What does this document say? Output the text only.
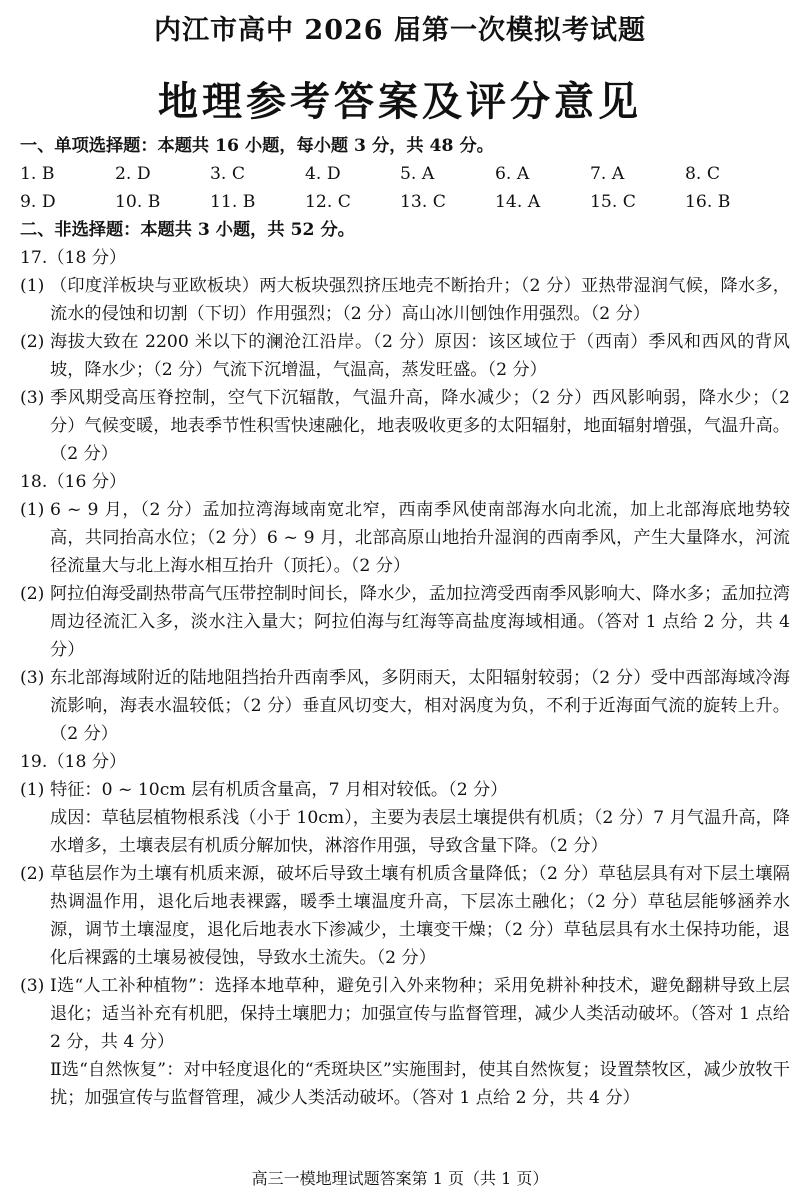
内江市高中 2026 届第一次模拟考试题
地理参考答案及评分意见

一、单项选择题：本题共 16 小题，每小题 3 分，共 48 分。

1. B	2. D	3. C	4. D	5. A	6. A	7. A	8. C
9. D	10. B	11. B	12. C	13. C	14. A	15. C	16. B

二、非选择题：本题共 3 小题，共 52 分。

17.（18 分）

(1) （印度洋板块与亚欧板块）两大板块强烈挤压地壳不断抬升；（2 分）亚热带湿润气候，降水多，流水的侵蚀和切割（下切）作用强烈；（2 分）高山冰川刨蚀作用强烈。（2 分）

(2) 海拔大致在 2200 米以下的澜沧江沿岸。（2 分）原因：该区域位于（西南）季风和西风的背风坡，降水少；（2 分）气流下沉增温，气温高，蒸发旺盛。（2 分）

(3) 季风期受高压脊控制，空气下沉辐散，气温升高，降水减少；（2 分）西风影响弱，降水少；（2 分）气候变暖，地表季节性积雪快速融化，地表吸收更多的太阳辐射，地面辐射增强，气温升高。（2 分）

18.（16 分）

(1) 6 ~ 9 月，（2 分）孟加拉湾海域南宽北窄，西南季风使南部海水向北流，加上北部海底地势较高，共同抬高水位；（2 分）6 ~ 9 月，北部高原山地抬升湿润的西南季风，产生大量降水，河流径流量大与北上海水相互抬升（顶托）。（2 分）

(2) 阿拉伯海受副热带高气压带控制时间长，降水少，孟加拉湾受西南季风影响大、降水多；孟加拉湾周边径流汇入多，淡水注入量大；阿拉伯海与红海等高盐度海域相通。（答对 1 点给 2 分，共 4 分）

(3) 东北部海域附近的陆地阻挡抬升西南季风，多阴雨天，太阳辐射较弱；（2 分）受中西部海域冷海流影响，海表水温较低；（2 分）垂直风切变大，相对涡度为负，不利于近海面气流的旋转上升。（2 分）

19.（18 分）

(1) 特征：0 ~ 10cm 层有机质含量高，7 月相对较低。（2 分）

成因：草毡层植物根系浅（小于 10cm），主要为表层土壤提供有机质；（2 分）7 月气温升高，降水增多，土壤表层有机质分解加快，淋溶作用强，导致含量下降。（2 分）

(2) 草毡层作为土壤有机质来源，破坏后导致土壤有机质含量降低；（2 分）草毡层具有对下层土壤隔热调温作用，退化后地表裸露，暖季土壤温度升高，下层冻土融化；（2 分）草毡层能够涵养水源，调节土壤湿度，退化后地表水下渗减少，土壤变干燥；（2 分）草毡层具有水土保持功能，退化后裸露的土壤易被侵蚀，导致水土流失。（2 分）

(3) Ⅰ选“人工补种植物”：选择本地草种，避免引入外来物种；采用免耕补种技术，避免翻耕导致上层退化；适当补充有机肥，保持土壤肥力；加强宣传与监督管理，减少人类活动破坏。（答对 1 点给 2 分，共 4 分）

Ⅱ选“自然恢复”：对中轻度退化的“秃斑块区”实施围封，使其自然恢复；设置禁牧区，减少放牧干扰；加强宣传与监督管理，减少人类活动破坏。（答对 1 点给 2 分，共 4 分）

高三一模地理试题答案第 1 页（共 1 页）
